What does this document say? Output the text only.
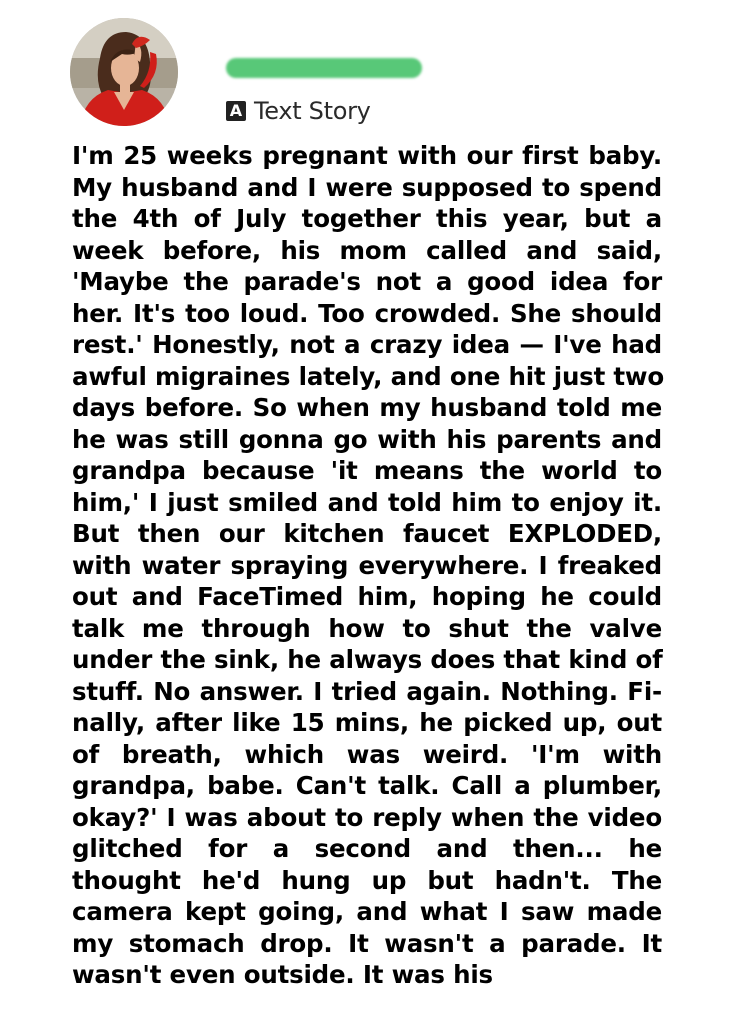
A Text Story
I'm 25 weeks pregnant with our first baby.
My husband and I were supposed to spend
the 4th of July together this year, but a
week before, his mom called and said,
'Maybe the parade's not a good idea for
her. It's too loud. Too crowded. She should
rest.' Honestly, not a crazy idea — I've had
awful migraines lately, and one hit just two
days before. So when my husband told me
he was still gonna go with his parents and
grandpa because 'it means the world to
him,' I just smiled and told him to enjoy it.
But then our kitchen faucet EXPLODED,
with water spraying everywhere. I freaked
out and FaceTimed him, hoping he could
talk me through how to shut the valve
under the sink, he always does that kind of
stuff. No answer. I tried again. Nothing. Fi-
nally, after like 15 mins, he picked up, out
of breath, which was weird. 'I'm with
grandpa, babe. Can't talk. Call a plumber,
okay?' I was about to reply when the video
glitched for a second and then... he
thought he'd hung up but hadn't. The
camera kept going, and what I saw made
my stomach drop. It wasn't a parade. It
wasn't even outside. It was his
